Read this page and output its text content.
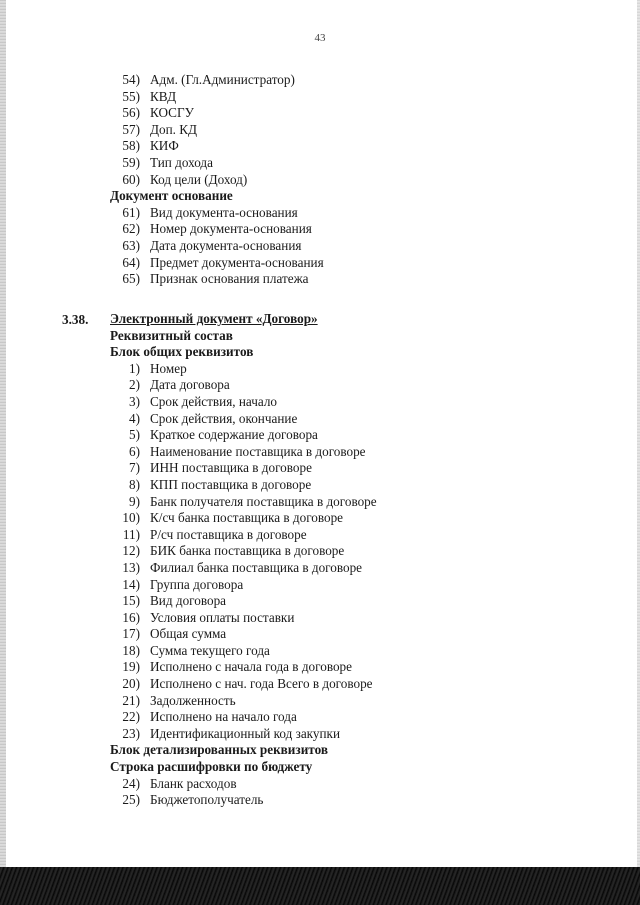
43
54) Адм. (Гл.Администратор)
55) КВД
56) КОСГУ
57) Доп. КД
58) КИФ
59) Тип дохода
60) Код цели (Доход)
Документ основание
61) Вид документа-основания
62) Номер документа-основания
63) Дата документа-основания
64) Предмет документа-основания
65) Признак основания платежа
3.38. Электронный документ «Договор»
Реквизитный состав
Блок общих реквизитов
1) Номер
2) Дата договора
3) Срок действия, начало
4) Срок действия, окончание
5) Краткое содержание договора
6) Наименование поставщика в договоре
7) ИНН поставщика в договоре
8) КПП поставщика в договоре
9) Банк получателя поставщика в договоре
10) К/сч банка поставщика в договоре
11) Р/сч поставщика в договоре
12) БИК банка поставщика в договоре
13) Филиал банка поставщика в договоре
14) Группа договора
15) Вид договора
16) Условия оплаты поставки
17) Общая сумма
18) Сумма текущего года
19) Исполнено с начала года в договоре
20) Исполнено с нач. года Всего в договоре
21) Задолженность
22) Исполнено на начало года
23) Идентификационный код закупки
Блок детализированных реквизитов
Строка расшифровки по бюджету
24) Бланк расходов
25) Бюджетополучатель
